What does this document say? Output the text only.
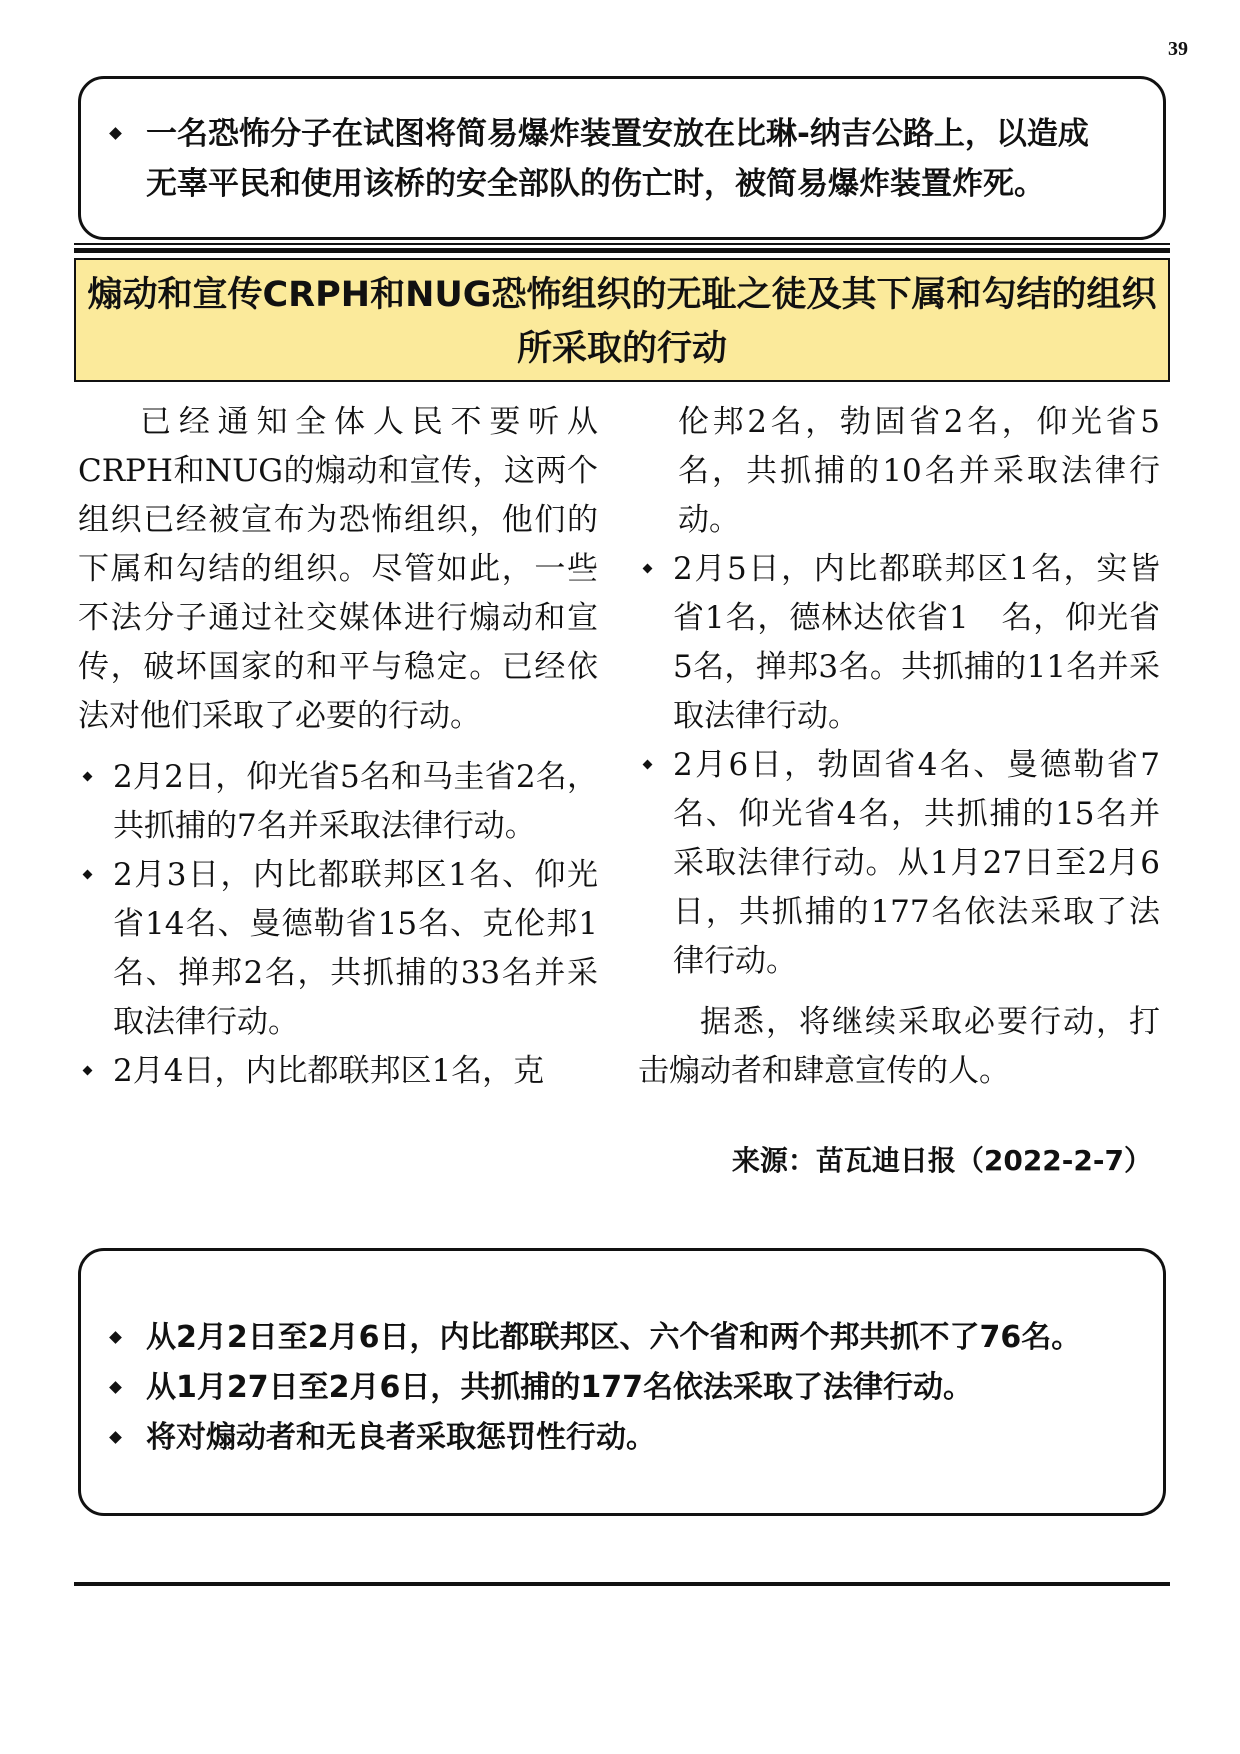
39
一名恐怖分子在试图将简易爆炸装置安放在比琳-纳吉公路上，以造成
无辜平民和使用该桥的安全部队的伤亡时，被简易爆炸装置炸死。
煽动和宣传CRPH和NUG恐怖组织的无耻之徒及其下属和勾结的组织
所采取的行动

已经通知全体人民不要听从CRPH和NUG的煽动和宣传，这两个组织已经被宣布为恐怖组织，他们的下属和勾结的组织。尽管如此，一些不法分子通过社交媒体进行煽动和宣传，破坏国家的和平与稳定。已经依法对他们采取了必要的行动。

2月2日，仰光省5名和马圭省2名，共抓捕的7名并采取法律行动。
2月3日，内比都联邦区1名、仰光省14名、曼德勒省15名、克伦邦1名、掸邦2名，共抓捕的33名并采取法律行动。
2月4日，内比都联邦区1名，克

伦邦2名，勃固省2名，仰光省5名，共抓捕的10名并采取法律行动。

2月5日，内比都联邦区1名，实皆省1名，德林达依省1　名，仰光省5名，掸邦3名。共抓捕的11名并采取法律行动。
2月6日，勃固省4名、曼德勒省7名、仰光省4名，共抓捕的15名并采取法律行动。从1月27日至2月6日，共抓捕的177名依法采取了法律行动。

据悉，将继续采取必要行动，打击煽动者和肆意宣传的人。

来源：苗瓦迪日报（2022-2-7）
从2月2日至2月6日，内比都联邦区、六个省和两个邦共抓不了76名。
从1月27日至2月6日，共抓捕的177名依法采取了法律行动。
将对煽动者和无良者采取惩罚性行动。
